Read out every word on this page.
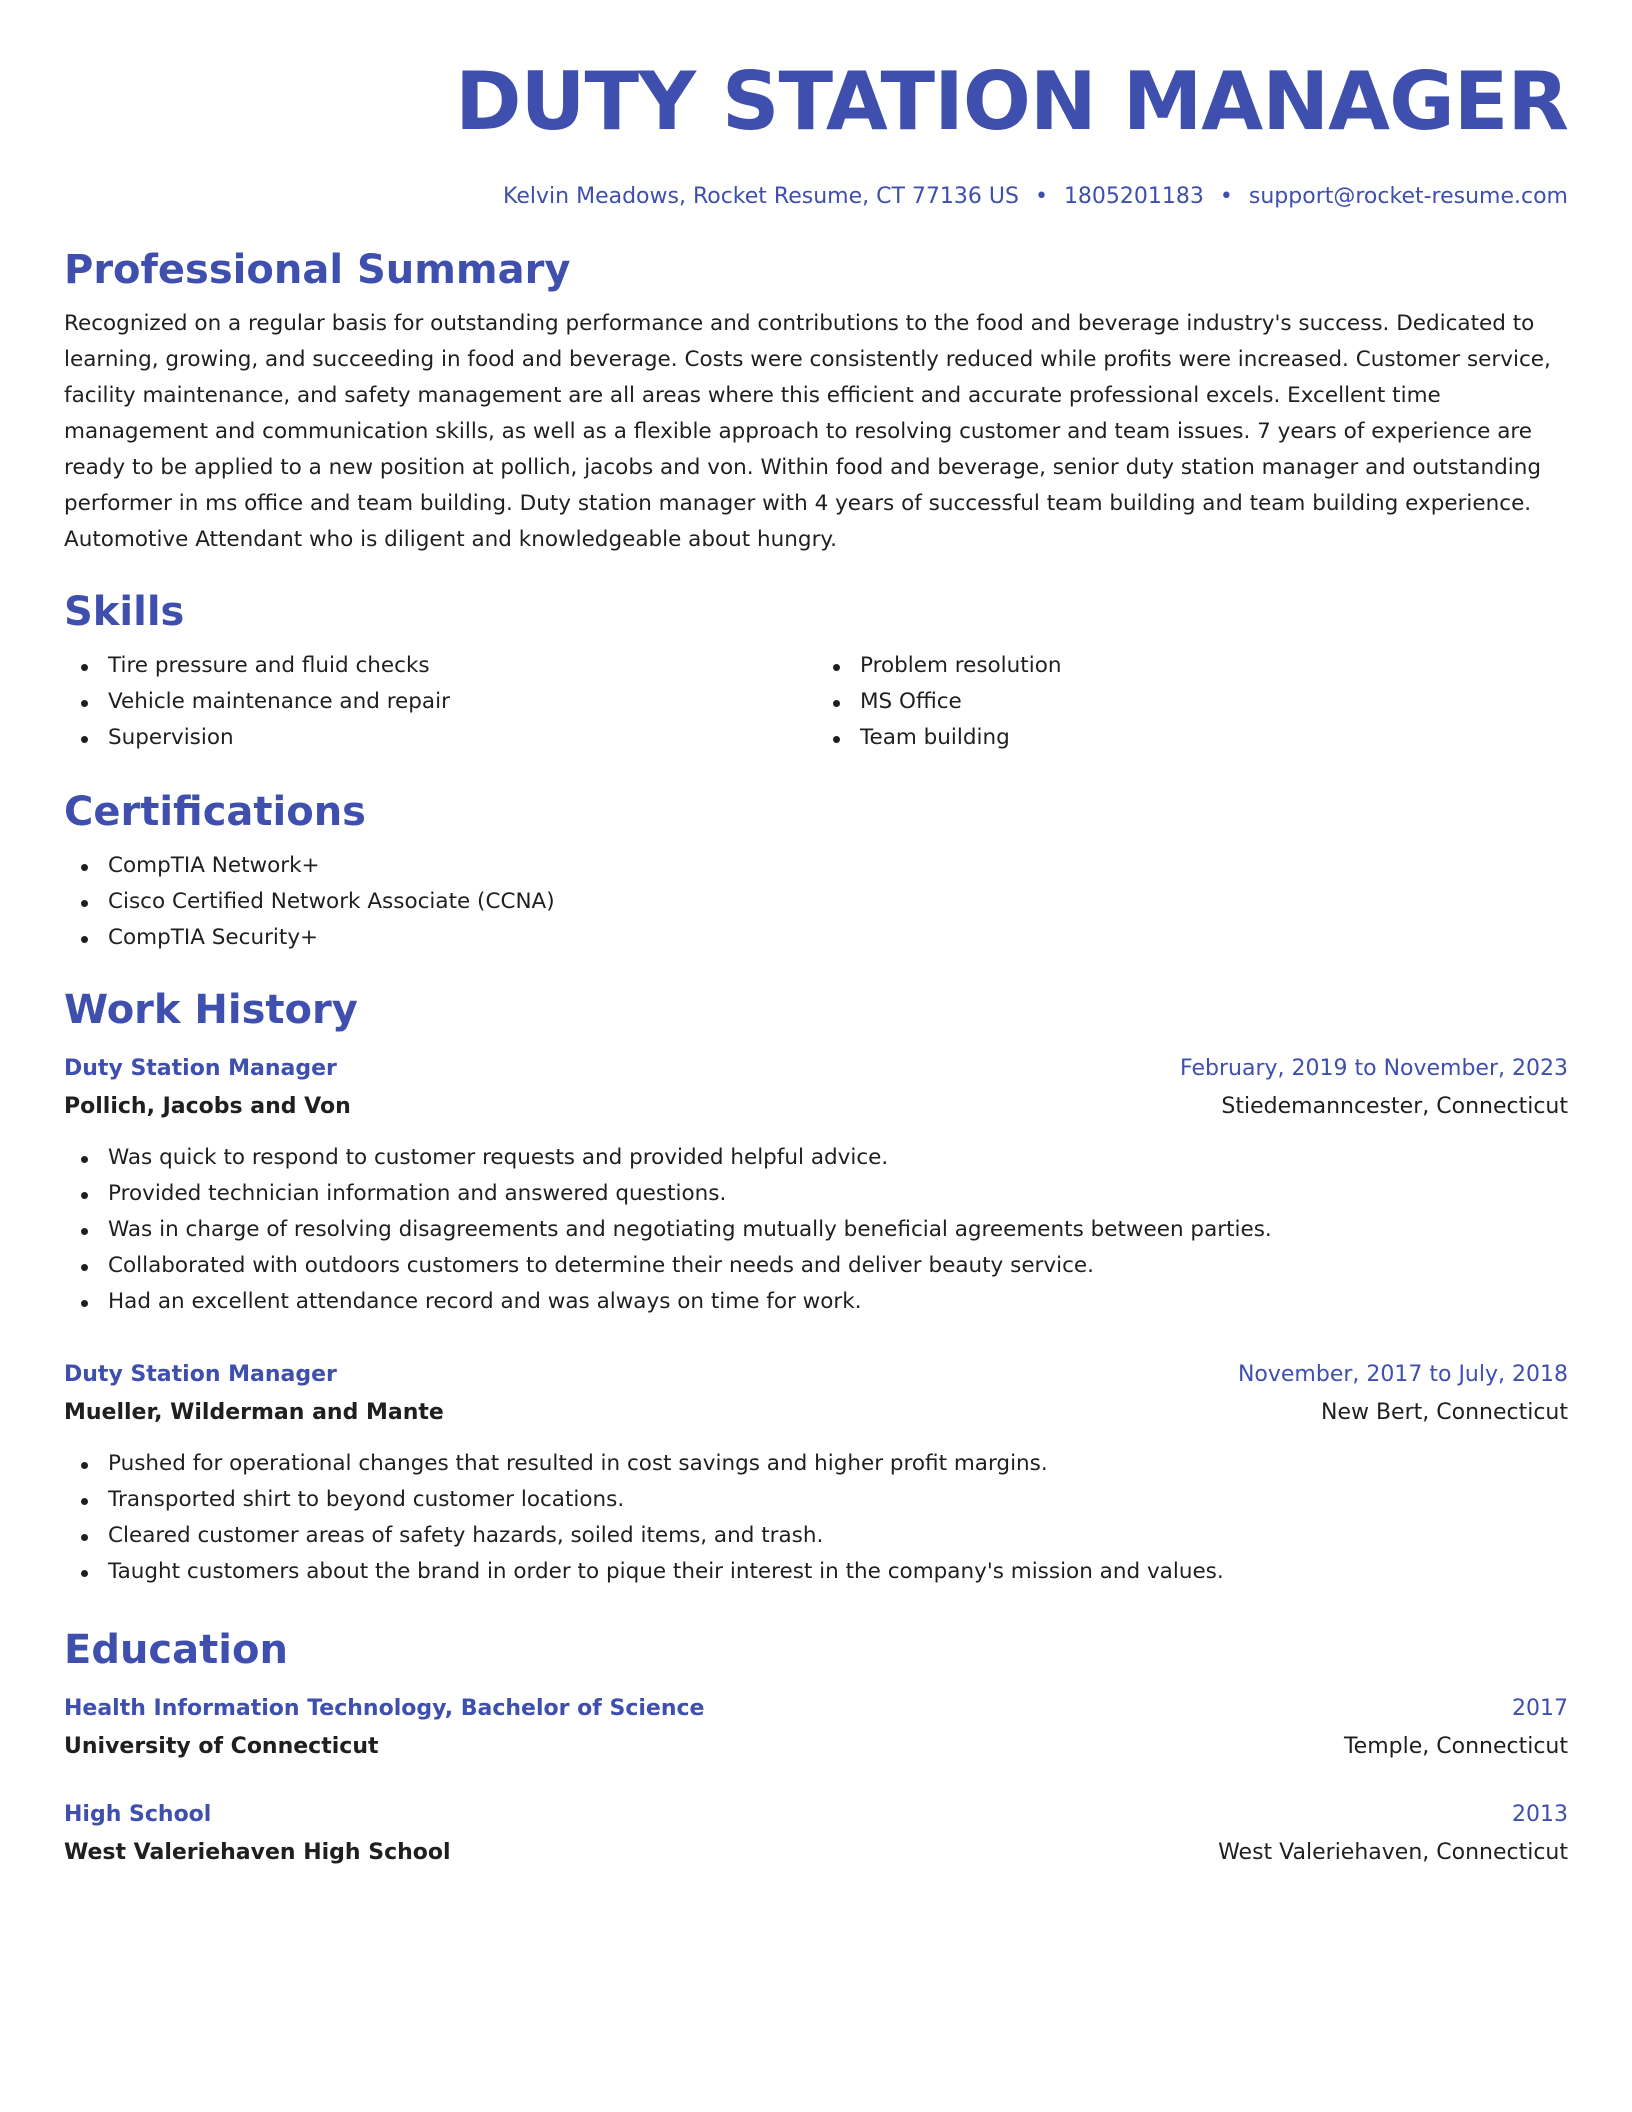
DUTY STATION MANAGER
Kelvin Meadows, Rocket Resume, CT 77136 US • 1805201183 • support@rocket-resume.com
Professional Summary

Recognized on a regular basis for outstanding performance and contributions to the food and beverage industry's success. Dedicated to learning, growing, and succeeding in food and beverage. Costs were consistently reduced while profits were increased. Customer service, facility maintenance, and safety management are all areas where this efficient and accurate professional excels. Excellent time management and communication skills, as well as a flexible approach to resolving customer and team issues. 7 years of experience are ready to be applied to a new position at pollich, jacobs and von. Within food and beverage, senior duty station manager and outstanding performer in ms office and team building. Duty station manager with 4 years of successful team building and team building experience. Automotive Attendant who is diligent and knowledgeable about hungry.

Skills
Tire pressure and fluid checks
Vehicle maintenance and repair
Supervision
Problem resolution
MS Office
Team building
Certifications
CompTIA Network+
Cisco Certified Network Associate (CCNA)
CompTIA Security+
Work History
Duty Station Manager	February, 2019 to November, 2023
Pollich, Jacobs and Von	Stiedemanncester, Connecticut
Was quick to respond to customer requests and provided helpful advice.
Provided technician information and answered questions.
Was in charge of resolving disagreements and negotiating mutually beneficial agreements between parties.
Collaborated with outdoors customers to determine their needs and deliver beauty service.
Had an excellent attendance record and was always on time for work.
Duty Station Manager	November, 2017 to July, 2018
Mueller, Wilderman and Mante	New Bert, Connecticut
Pushed for operational changes that resulted in cost savings and higher profit margins.
Transported shirt to beyond customer locations.
Cleared customer areas of safety hazards, soiled items, and trash.
Taught customers about the brand in order to pique their interest in the company's mission and values.
Education
Health Information Technology, Bachelor of Science	2017
University of Connecticut	Temple, Connecticut
High School	2013
West Valeriehaven High School	West Valeriehaven, Connecticut
